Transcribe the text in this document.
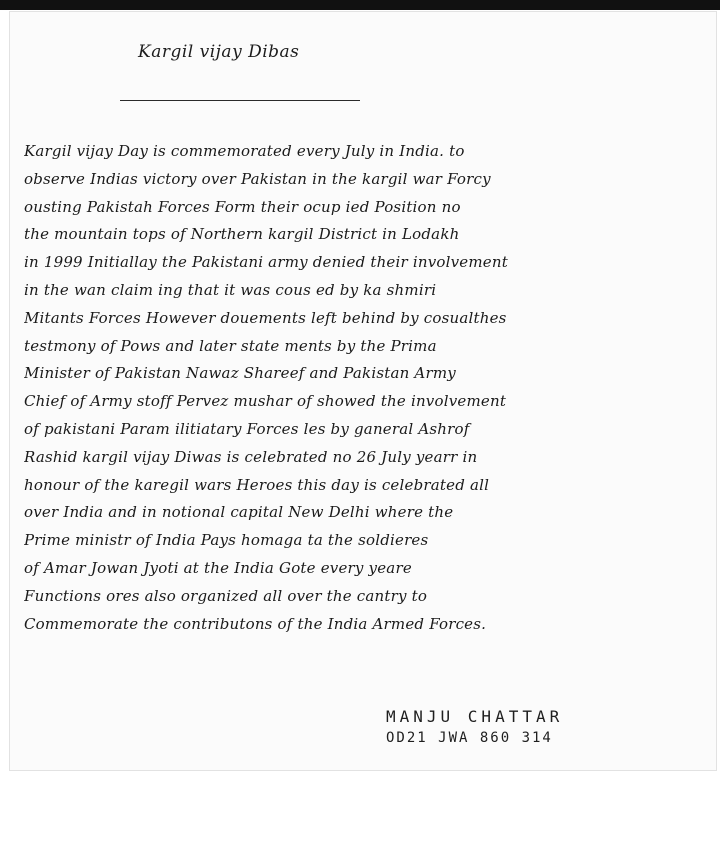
Kargil vijay Dibas
Kargil vijay Day is commemorated every July in India. to
observe Indias victory over Pakistan in the kargil war Forcy
ousting Pakistah Forces Form their ocup ied Position no
the mountain tops of Northern kargil District in Lodakh
in 1999 Initiallay the Pakistani army denied their involvement
in the wan claim ing that it was cous ed by ka shmiri
Mitants Forces However douements left behind by cosualthes
testmony of Pows and later state ments by the Prima
Minister of Pakistan Nawaz Shareef and Pakistan Army
Chief of Army stoff Pervez mushar of showed the involvement
of pakistani Param ilitiatary Forces les by ganeral Ashrof
Rashid kargil vijay Diwas is celebrated no 26 July yearr in
honour of the karegil wars Heroes this day is celebrated all
over India and in notional capital New Delhi where the
Prime ministr of India Pays homaga ta the soldieres
of Amar Jowan Jyoti at the India Gote every yeare
Functions ores also organized all over the cantry to
Commemorate the contributons of the India Armed Forces.
MANJU CHATTAR
OD21 JWA 860 314
